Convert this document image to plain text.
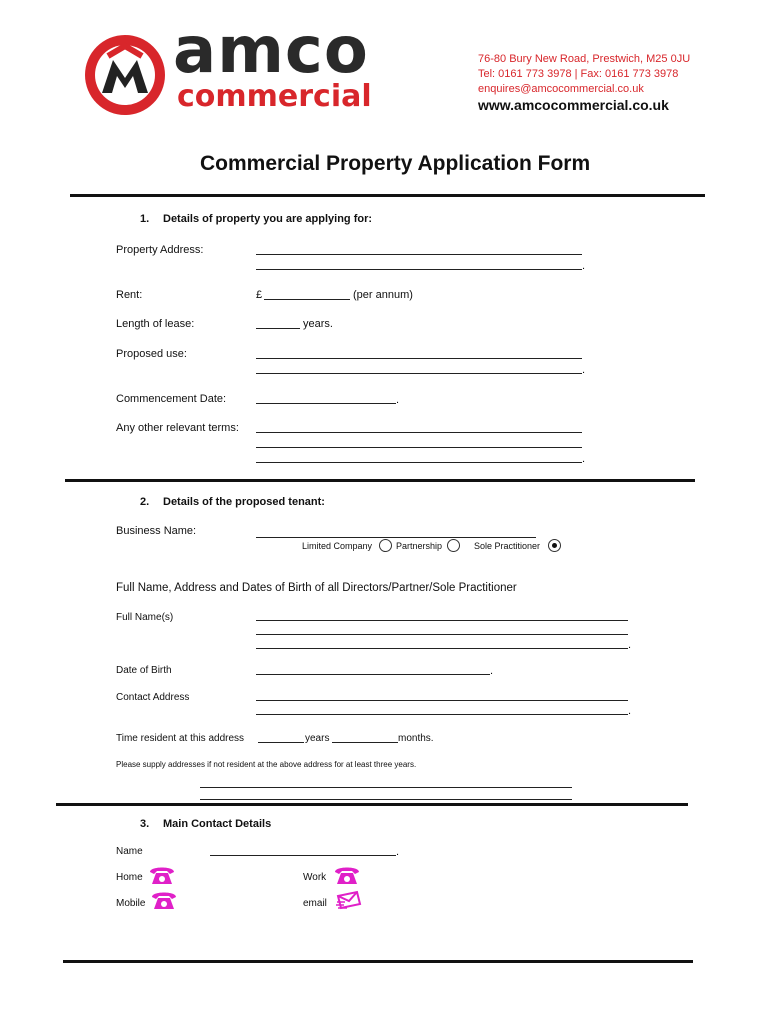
amco
commercial
76-80 Bury New Road, Prestwich, M25 0JU
Tel: 0161 773 3978 | Fax: 0161 773 3978
enquires@amcocommercial.co.uk
www.amcocommercial.co.uk
Commercial Property Application Form
1. Details of property you are applying for:
Property Address:
.
Rent:	£	(per annum)
Length of lease:	years.
Proposed use:
.
Commencement Date:	.
Any other relevant terms:
.
2. Details of the proposed tenant:
Business Name:
Limited Company	Partnership	Sole Practitioner
Full Name, Address and Dates of Birth of all Directors/Partner/Sole Practitioner
Full Name(s)
.
Date of Birth	.
Contact Address
.
Time resident at this address	years	months.
Please supply addresses if not resident at the above address for at least three years.
3. Main Contact Details
Name	.
Home	Work
Mobile	email
